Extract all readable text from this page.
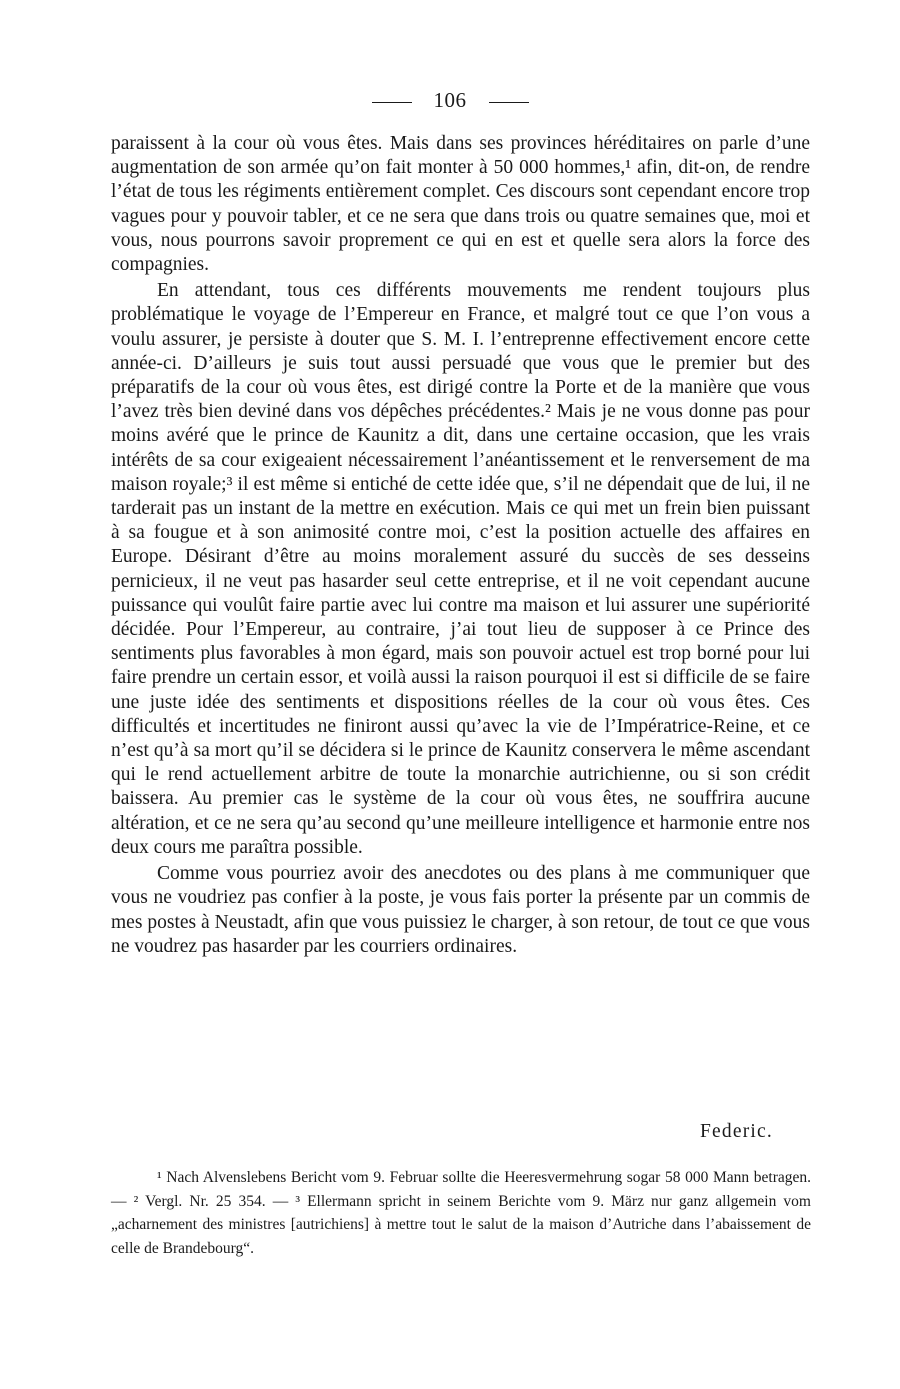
106

paraissent à la cour où vous êtes. Mais dans ses provinces héréditaires on parle d’une augmentation de son armée qu’on fait monter à 50 000 hommes,¹ afin, dit-on, de rendre l’état de tous les régiments entièrement complet. Ces discours sont cependant encore trop vagues pour y pouvoir tabler, et ce ne sera que dans trois ou quatre semaines que, moi et vous, nous pourrons savoir proprement ce qui en est et quelle sera alors la force des compagnies.

En attendant, tous ces différents mouvements me rendent toujours plus problématique le voyage de l’Empereur en France, et malgré tout ce que l’on vous a voulu assurer, je persiste à douter que S. M. I. l’entreprenne effectivement encore cette année-ci. D’ailleurs je suis tout aussi persuadé que vous que le premier but des préparatifs de la cour où vous êtes, est dirigé contre la Porte et de la manière que vous l’avez très bien deviné dans vos dépêches précédentes.² Mais je ne vous donne pas pour moins avéré que le prince de Kaunitz a dit, dans une certaine occasion, que les vrais intérêts de sa cour exigeaient nécessairement l’anéantissement et le renversement de ma maison royale;³ il est même si entiché de cette idée que, s’il ne dépendait que de lui, il ne tarderait pas un instant de la mettre en exécution. Mais ce qui met un frein bien puissant à sa fougue et à son animosité contre moi, c’est la position actuelle des affaires en Europe. Désirant d’être au moins moralement assuré du succès de ses desseins pernicieux, il ne veut pas hasarder seul cette entreprise, et il ne voit cependant aucune puissance qui voulût faire partie avec lui contre ma maison et lui assurer une supériorité décidée. Pour l’Empereur, au contraire, j’ai tout lieu de supposer à ce Prince des sentiments plus favorables à mon égard, mais son pouvoir actuel est trop borné pour lui faire prendre un certain essor, et voilà aussi la raison pourquoi il est si difficile de se faire une juste idée des sentiments et dispositions réelles de la cour où vous êtes. Ces difficultés et incertitudes ne finiront aussi qu’avec la vie de l’Impératrice-Reine, et ce n’est qu’à sa mort qu’il se décidera si le prince de Kaunitz conservera le même ascendant qui le rend actuellement arbitre de toute la monarchie autrichienne, ou si son crédit baissera. Au premier cas le système de la cour où vous êtes, ne souffrira aucune altération, et ce ne sera qu’au second qu’une meilleure intelligence et harmonie entre nos deux cours me paraîtra possible.

Comme vous pourriez avoir des anecdotes ou des plans à me communiquer que vous ne voudriez pas confier à la poste, je vous fais porter la présente par un commis de mes postes à Neustadt, afin que vous puissiez le charger, à son retour, de tout ce que vous ne voudrez pas hasarder par les courriers ordinaires.

Federic.

¹ Nach Alvenslebens Bericht vom 9. Februar sollte die Heeresvermehrung sogar 58 000 Mann betragen. — ² Vergl. Nr. 25 354. — ³ Ellermann spricht in seinem Berichte vom 9. März nur ganz allgemein vom „acharnement des ministres [autrichiens] à mettre tout le salut de la maison d’Autriche dans l’abaissement de celle de Brandebourg“.
